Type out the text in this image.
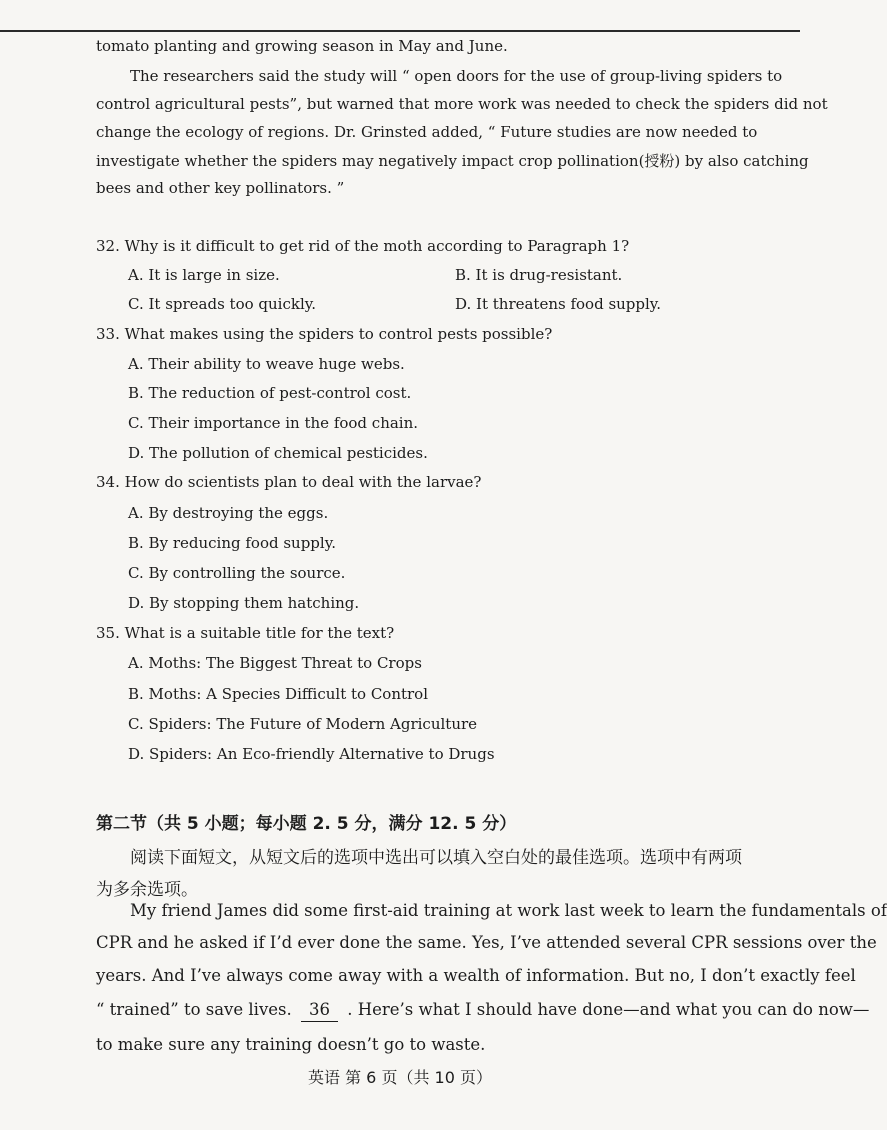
tomato planting and growing season in May and June.
The researchers said the study will “ open doors for the use of group-living spiders to
control agricultural pests”, but warned that more work was needed to check the spiders did not
change the ecology of regions. Dr. Grinsted added, “ Future studies are now needed to
investigate whether the spiders may negatively impact crop pollination(授粉) by also catching
bees and other key pollinators. ”
32. Why is it difficult to get rid of the moth according to Paragraph 1?
A. It is large in size.	B. It is drug-resistant.
C. It spreads too quickly.	D. It threatens food supply.
33. What makes using the spiders to control pests possible?
A. Their ability to weave huge webs.
B. The reduction of pest-control cost.
C. Their importance in the food chain.
D. The pollution of chemical pesticides.
34. How do scientists plan to deal with the larvae?
A. By destroying the eggs.
B. By reducing food supply.
C. By controlling the source.
D. By stopping them hatching.
35. What is a suitable title for the text?
A. Moths: The Biggest Threat to Crops
B. Moths: A Species Difficult to Control
C. Spiders: The Future of Modern Agriculture
D. Spiders: An Eco-friendly Alternative to Drugs
第二节（共 5 小题；每小题 2. 5 分，满分 12. 5 分）
阅读下面短文，从短文后的选项中选出可以填入空白处的最佳选项。选项中有两项
为多余选项。
My friend James did some first-aid training at work last week to learn the fundamentals of
CPR and he asked if I’d ever done the same. Yes, I’ve attended several CPR sessions over the
years. And I’ve always come away with a wealth of information. But no, I don’t exactly feel
“ trained” to save lives. 36 . Here’s what I should have done—and what you can do now—
to make sure any training doesn’t go to waste.
英语 第 6 页（共 10 页）
